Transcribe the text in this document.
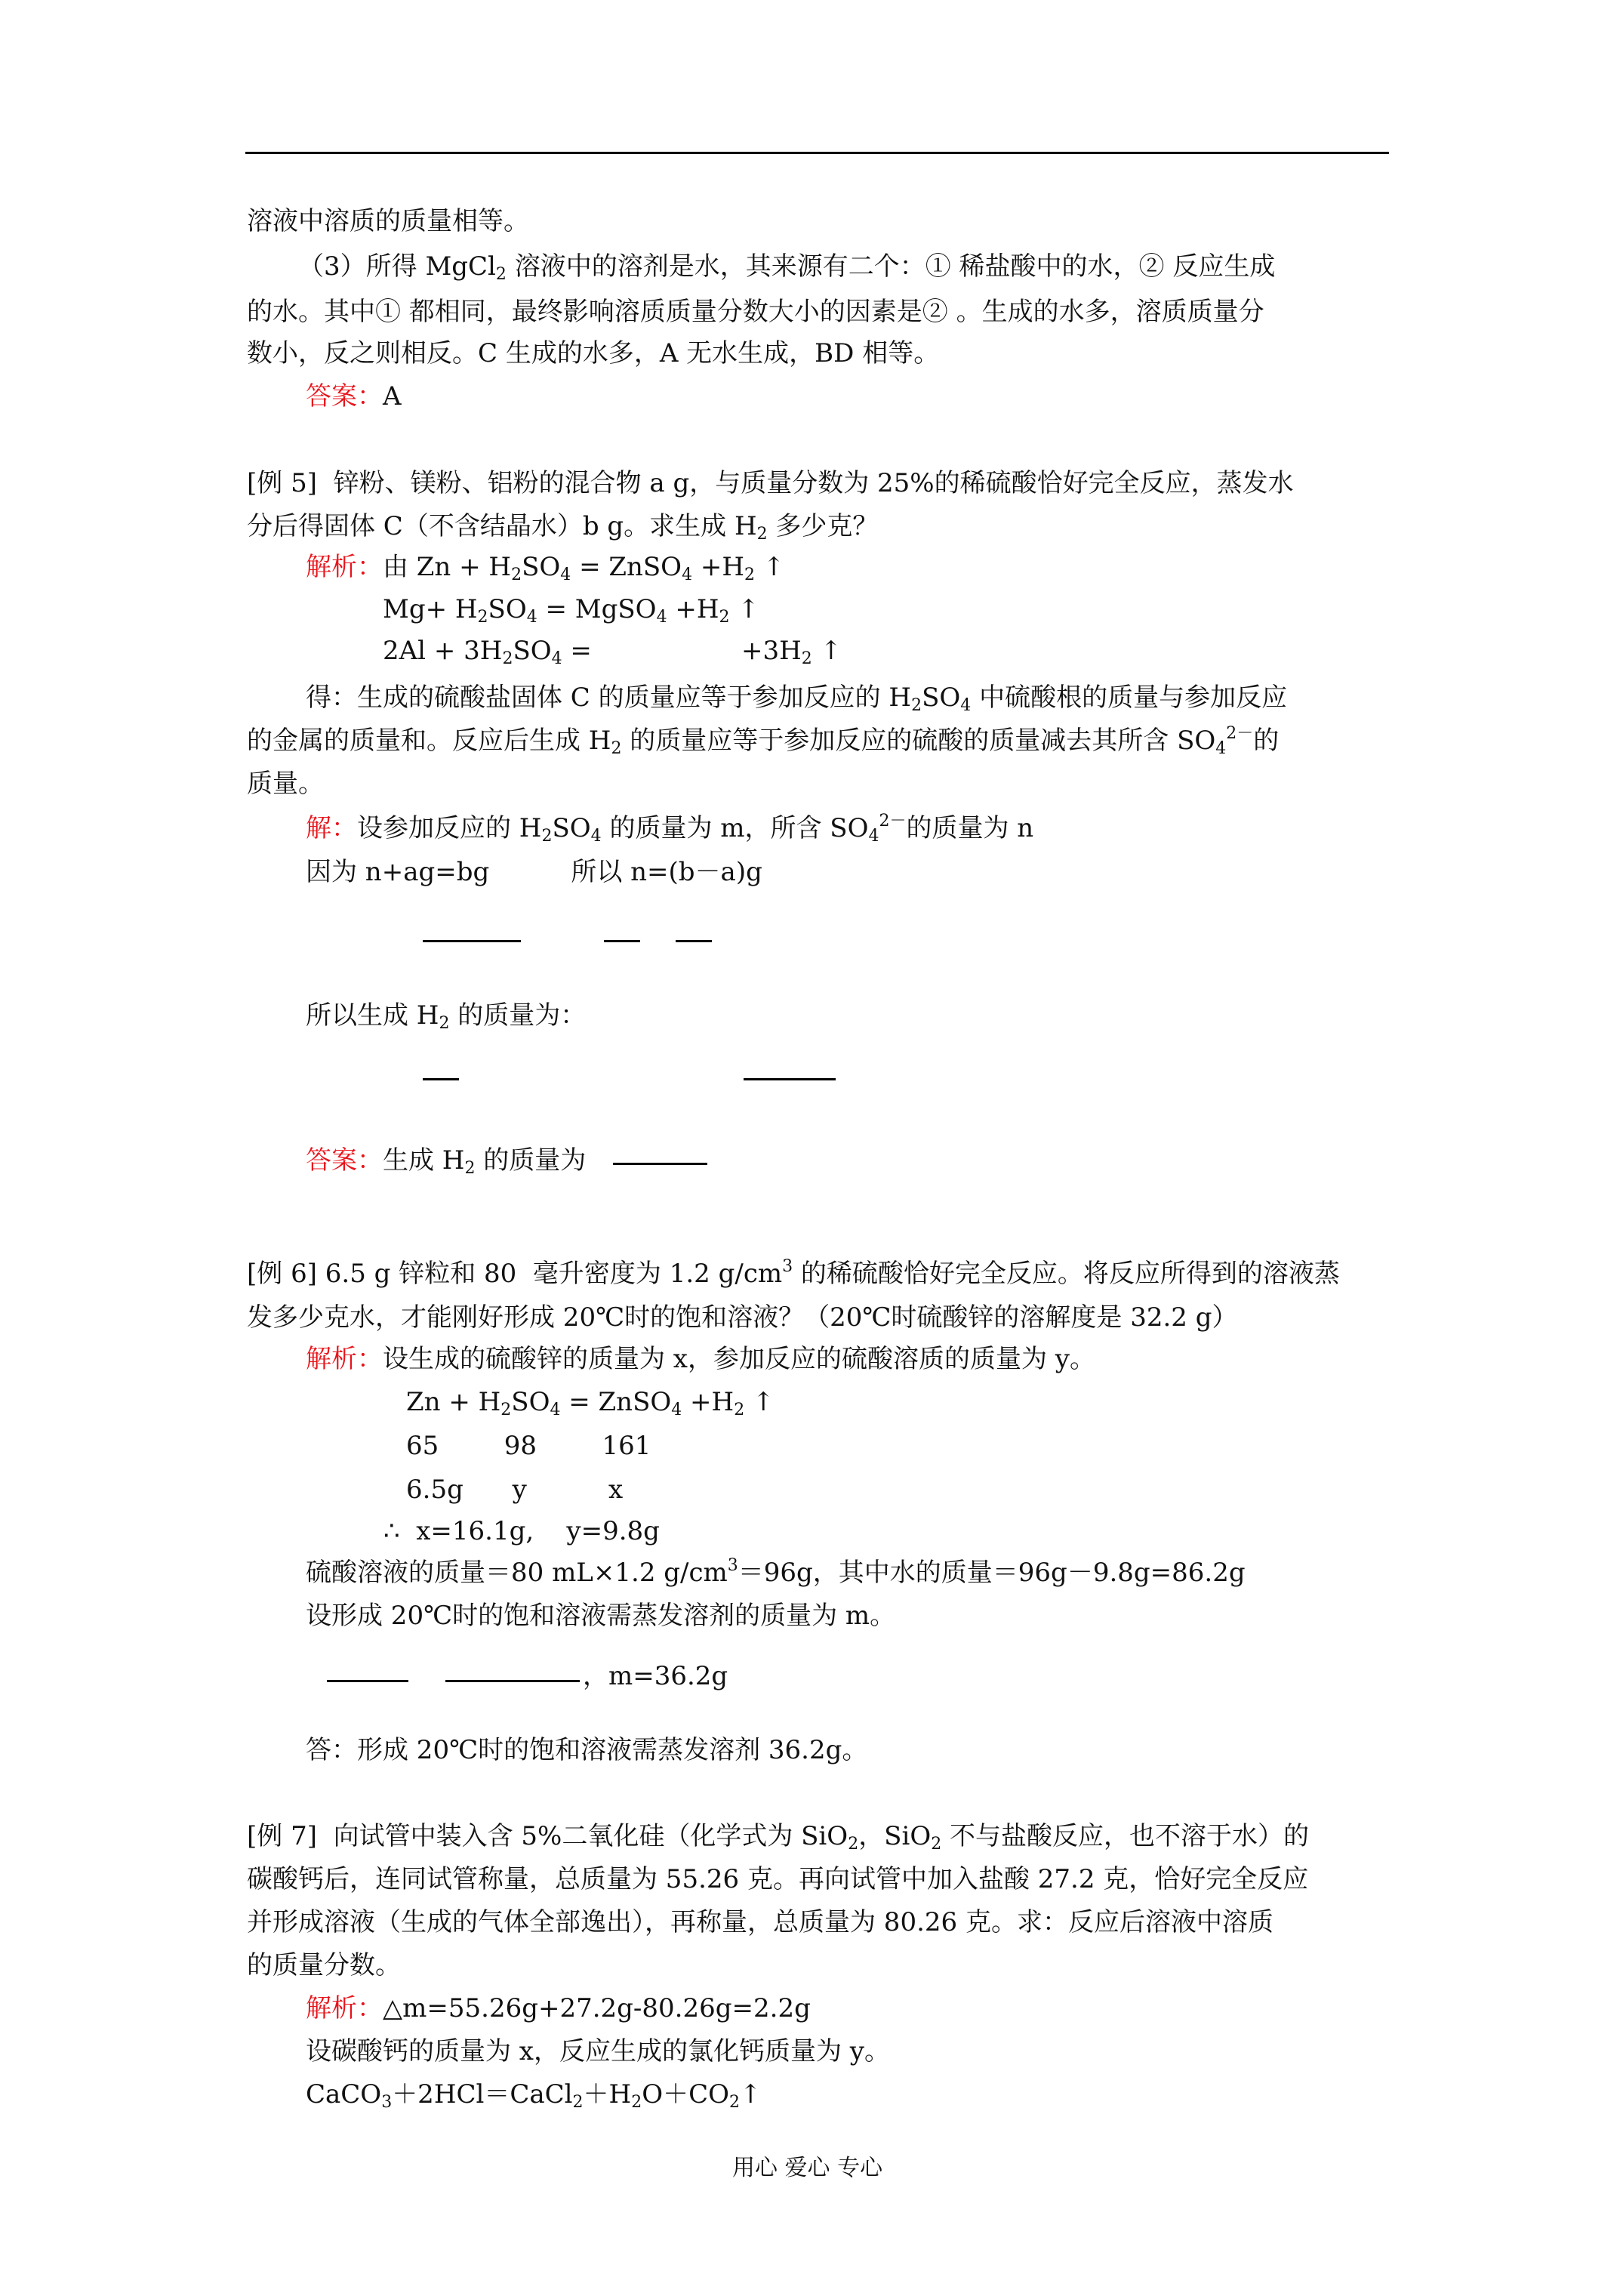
溶液中溶质的质量相等。
（3）所得 MgCl$_2$ 溶液中的溶剂是水，其来源有二个：① 稀盐酸中的水，② 反应生成
的水。其中① 都相同，最终影响溶质质量分数大小的因素是② 。生成的水多，溶质质量分
数小，反之则相反。C 生成的水多，A 无水生成，BD 相等。
答案：A
[例 5]  锌粉、镁粉、铝粉的混合物 a g，与质量分数为 25%的稀硫酸恰好完全反应，蒸发水
分后得固体 C（不含结晶水）b g。求生成 $H_2$ 多少克？
解析：由 $Zn + H_2SO_4$ = ZnSO$_4$ $+H_2$ ↑
$Mg+ H_2SO_4$ = MgSO$_4$ $+H_2$ ↑
$2Al + 3H_2SO_4$ =	$+3H_2$ ↑
得：生成的硫酸盐固体 C 的质量应等于参加反应的 $H_2SO_4$ 中硫酸根的质量与参加反应
的金属的质量和。反应后生成 $H_2$ 的质量应等于参加反应的硫酸的质量减去其所含 $SO_4^{2-}$的
质量。
解：设参加反应的 $H_2SO_4$ 的质量为 m，所含 $SO_4^{2-}$的质量为 n
因为 n+ag=bg          所以 n=(b－a)g
所以生成 $H_2$ 的质量为：
答案：生成 $H_2$ 的质量为
[例 6] 6.5 g 锌粒和 80  毫升密度为 1.2 $g/cm^3$ 的稀硫酸恰好完全反应。将反应所得到的溶液蒸
发多少克水，才能刚好形成 20℃时的饱和溶液？（20℃时硫酸锌的溶解度是 32.2 g）
解析：设生成的硫酸锌的质量为 x，参加反应的硫酸溶质的质量为 y。
$Zn + H_2SO_4$ = ZnSO$_4$ $+H_2$ ↑
65        98        161
6.5g      y          x
∴  x=16.1g,    y=9.8g
硫酸溶液的质量＝80 mL×1.2 $g/cm^3=96g$，其中水的质量＝96g－9.8g=86.2g
设形成 20℃时的饱和溶液需蒸发溶剂的质量为 m。
，m=36.2g
答：形成 20℃时的饱和溶液需蒸发溶剂 36.2g。
[例 7]  向试管中装入含 5%二氧化硅（化学式为 SiO$_2$，SiO$_2$ 不与盐酸反应，也不溶于水）的
碳酸钙后，连同试管称量，总质量为 55.26 克。再向试管中加入盐酸 27.2 克，恰好完全反应
并形成溶液（生成的气体全部逸出），再称量，总质量为 80.26 克。求：反应后溶液中溶质
的质量分数。
解析：△m=55.26g+27.2g-80.26g=2.2g
设碳酸钙的质量为 x，反应生成的氯化钙质量为 y。
$CaCO_3+2HCl=CaCl_2+H_2O+CO_2↑$
用心 爱心 专心
